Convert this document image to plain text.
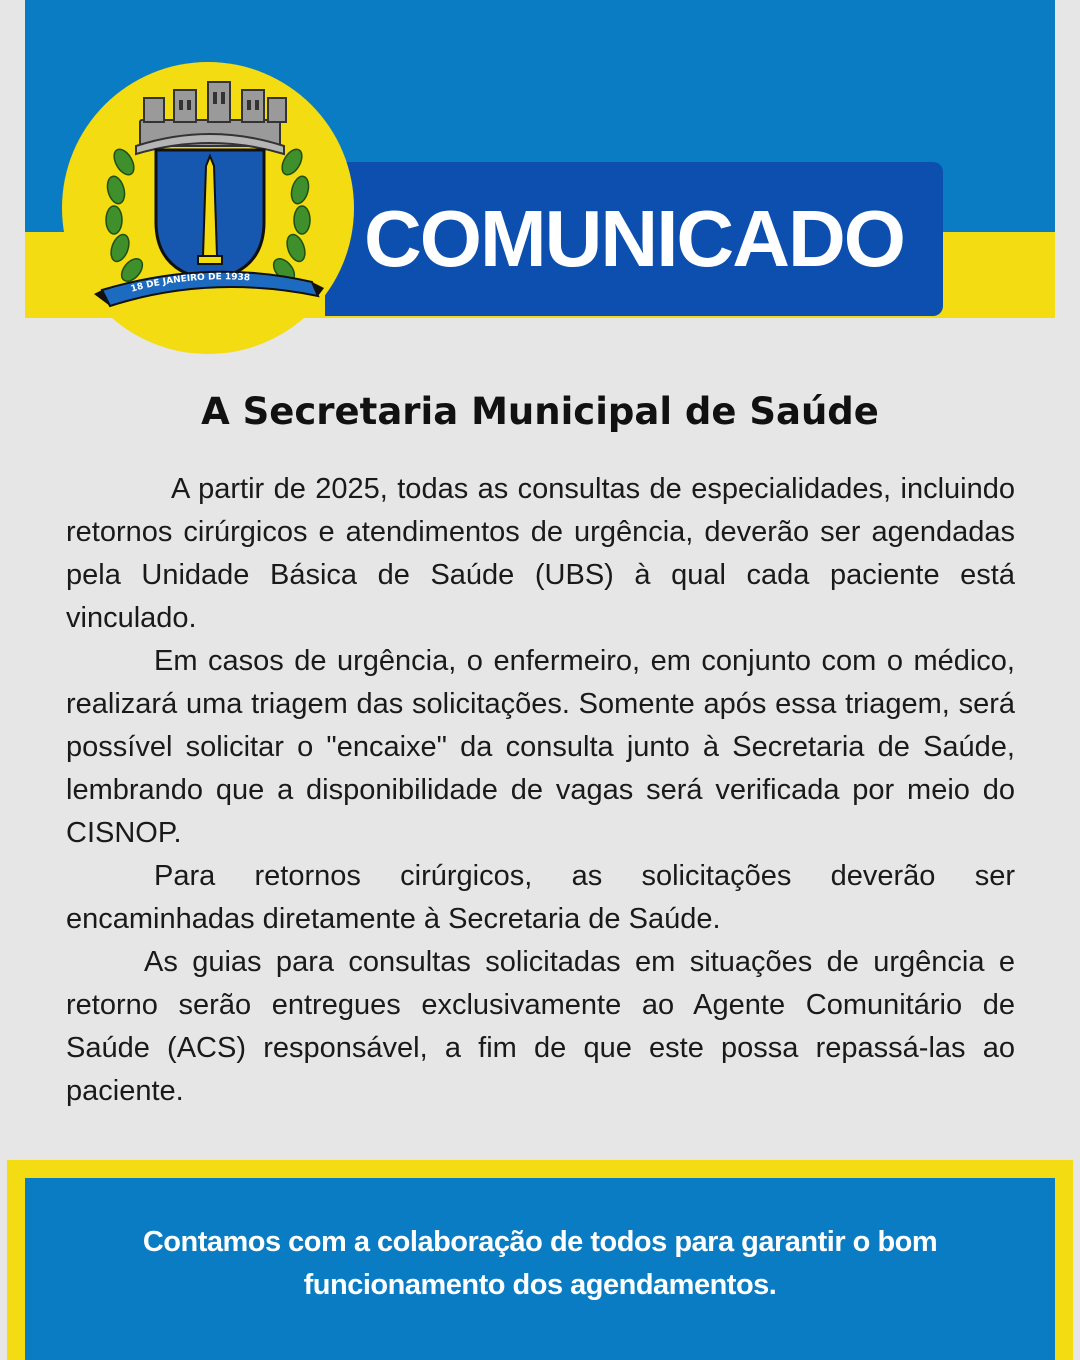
COMUNICADO
18 DE JANEIRO DE 1938
A Secretaria Municipal de Saúde

A partir de 2025, todas as consultas de especialidades, incluindo retornos cirúrgicos e atendimentos de urgência, deverão ser agendadas pela Unidade Básica de Saúde (UBS) à qual cada paciente está vinculado.

Em casos de urgência, o enfermeiro, em conjunto com o médico, realizará uma triagem das solicitações. Somente após essa triagem, será possível solicitar o "encaixe" da consulta junto à Secretaria de Saúde, lembrando que a disponibilidade de vagas será verificada por meio do CISNOP.

Para retornos cirúrgicos, as solicitações deverão ser encaminhadas diretamente à Secretaria de Saúde.

As guias para consultas solicitadas em situações de urgência e retorno serão entregues exclusivamente ao Agente Comunitário de Saúde (ACS) responsável, a fim de que este possa repassá-las ao paciente.

Contamos com a colaboração de todos para garantir o bom funcionamento dos agendamentos.
